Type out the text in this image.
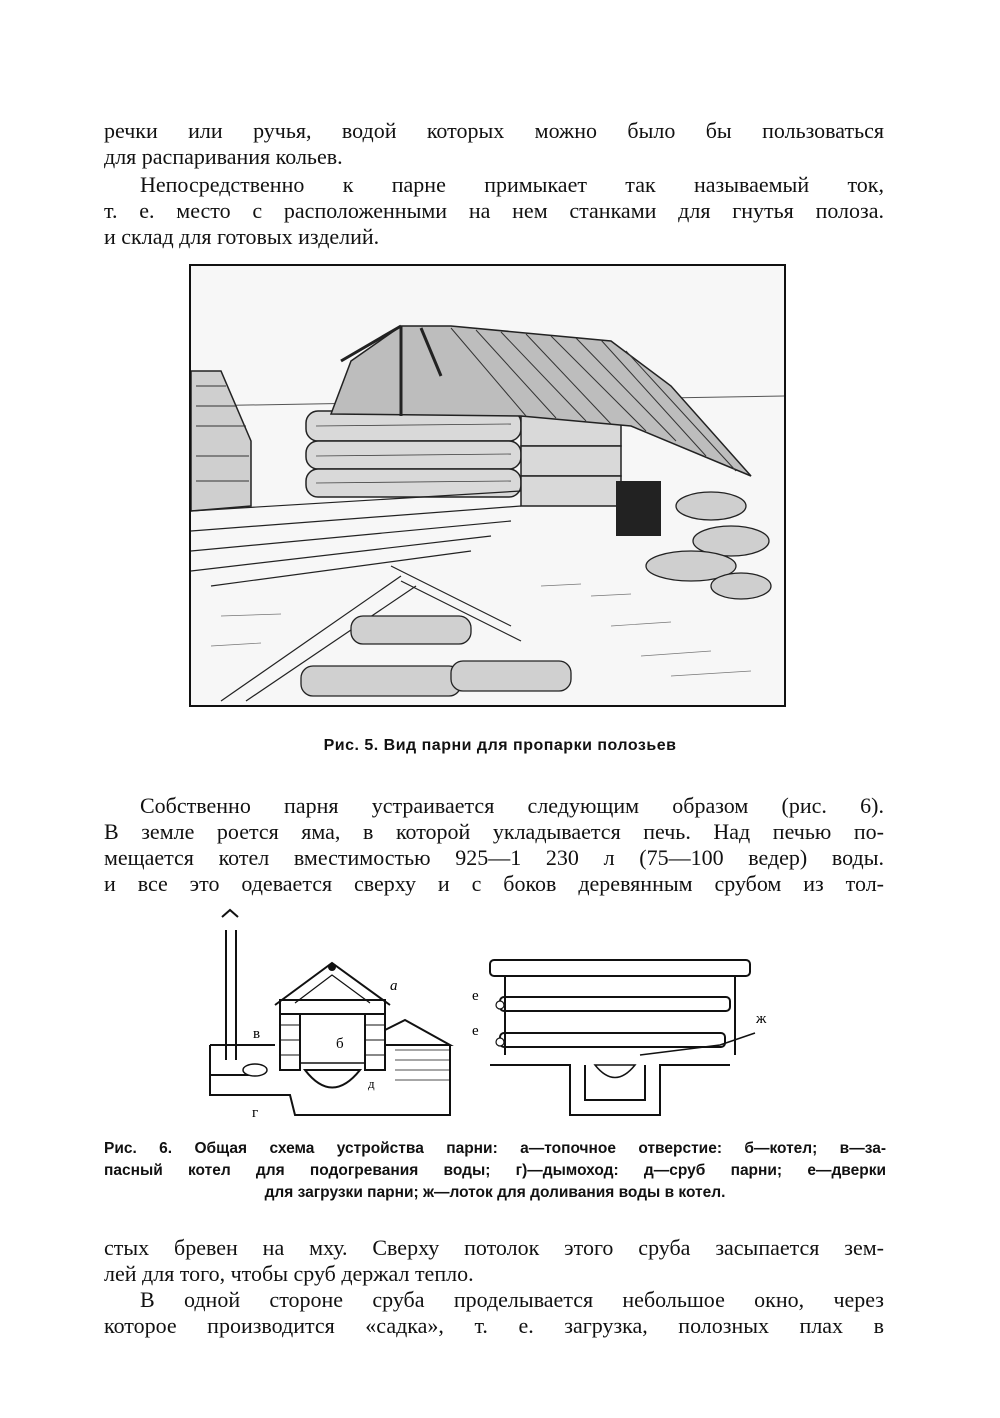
речки или ручья, водой которых можно было бы пользоваться
для распаривания кольев.

Непосредственно к парне примыкает так называемый ток,
т. е. место с расположенными на нем станками для гнутья полоза.
и склад для готовых изделий.

Рис. 5. Вид парни для пропарки полозьев

Собственно парня устраивается следующим образом (рис. 6).
В земле роется яма, в которой укладывается печь. Над печью по-
мещается котел вместимостью 925—1 230 л (75—100 ведер) воды.
и все это одевается сверху и с боков деревянным срубом из тол-

в
б
а
д
г
е
е
ж
Рис. 6. Общая схема устройства парни: а—топочное отверстие: б—котел; в—за-
пасный котел для подогревания воды; г)—дымоход: д—сруб парни; е—дверки
для загрузки парни; ж—лоток для доливания воды в котел.

стых бревен на мху. Сверху потолок этого сруба засыпается зем-
лей для того, чтобы сруб держал тепло.

В одной стороне сруба проделывается небольшое окно, через
которое производится «садка», т. е. загрузка, полозных плах в
